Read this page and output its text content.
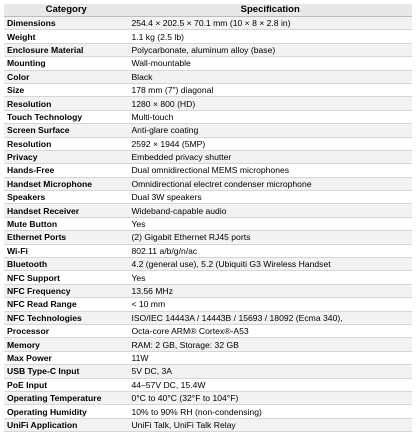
Category	Specification
Dimensions	254.4 × 202.5 × 70.1 mm (10 × 8 × 2.8 in)
Weight	1.1 kg (2.5 lb)
Enclosure Material	Polycarbonate, aluminum alloy (base)
Mounting	Wall-mountable
Color	Black
Size	178 mm (7") diagonal
Resolution	1280 × 800 (HD)
Touch Technology	Multi-touch
Screen Surface	Anti-glare coating
Resolution	2592 × 1944 (5MP)
Privacy	Embedded privacy shutter
Hands-Free	Dual omnidirectional MEMS microphones
Handset Microphone	Omnidirectional electret condenser microphone
Speakers	Dual 3W speakers
Handset Receiver	Wideband-capable audio
Mute Button	Yes
Ethernet Ports	(2) Gigabit Ethernet RJ45 ports
Wi-Fi	802.11 a/b/g/n/ac
Bluetooth	4.2 (general use), 5.2 (Ubiquiti G3 Wireless Handset
NFC Support	Yes
NFC Frequency	13.56 MHz
NFC Read Range	< 10 mm
NFC Technologies	ISO/IEC 14443A / 14443B / 15693 / 18092 (Ecma 340),
Processor	Octa-core ARM® Cortex®-A53
Memory	RAM: 2 GB, Storage: 32 GB
Max Power	11W
USB Type-C Input	5V DC, 3A
PoE Input	44–57V DC, 15.4W
Operating Temperature	0°C to 40°C (32°F to 104°F)
Operating Humidity	10% to 90% RH (non-condensing)
UniFi Application	UniFi Talk, UniFi Talk Relay
